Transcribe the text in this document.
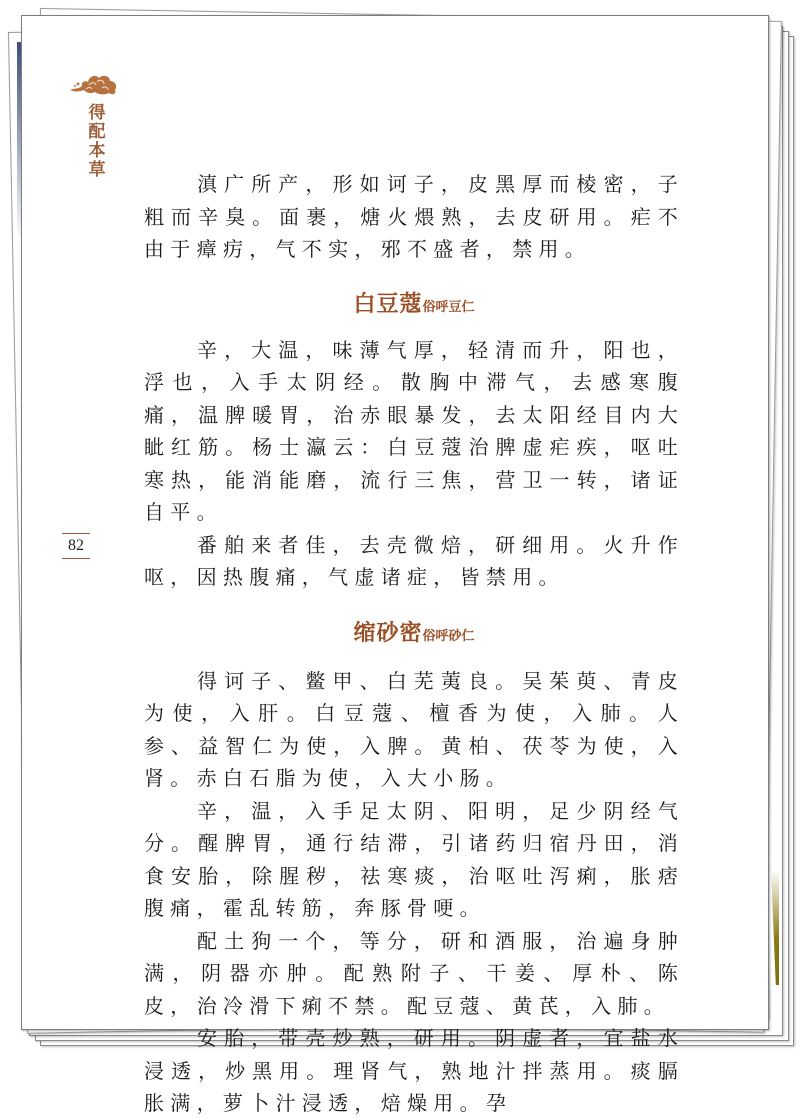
得
配
本
草
82

滇广所产，形如诃子，皮黑厚而棱密，子粗而辛臭。面裹，煻火煨熟，去皮研用。疟不由于瘴疠，气不实，邪不盛者，禁用。

白豆蔻俗呼豆仁

辛，大温，味薄气厚，轻清而升，阳也，浮也，入手太阴经。散胸中滞气，去感寒腹痛，温脾暖胃，治赤眼暴发，去太阳经目内大眦红筋。杨士瀛云：白豆蔻治脾虚疟疾，呕吐寒热，能消能磨，流行三焦，营卫一转，诸证自平。

番舶来者佳，去壳微焙，研细用。火升作呕，因热腹痛，气虚诸症，皆禁用。

缩砂密俗呼砂仁

得诃子、鳖甲、白芜荑良。吴茱萸、青皮为使，入肝。白豆蔻、檀香为使，入肺。人参、益智仁为使，入脾。黄柏、茯苓为使，入肾。赤白石脂为使，入大小肠。

辛，温，入手足太阴、阳明，足少阴经气分。醒脾胃，通行结滞，引诸药归宿丹田，消食安胎，除腥秽，祛寒痰，治呕吐泻痢，胀痞腹痛，霍乱转筋，奔豚骨哽。

配土狗一个，等分，研和酒服，治遍身肿满，阴器亦肿。配熟附子、干姜、厚朴、陈皮，治冷滑下痢不禁。配豆蔻、黄芪，入肺。

安胎，带壳炒熟，研用。阴虚者，宜盐水浸透，炒黑用。理肾气，熟地汁拌蒸用。痰膈胀满，萝卜汁浸透，焙燥用。孕
